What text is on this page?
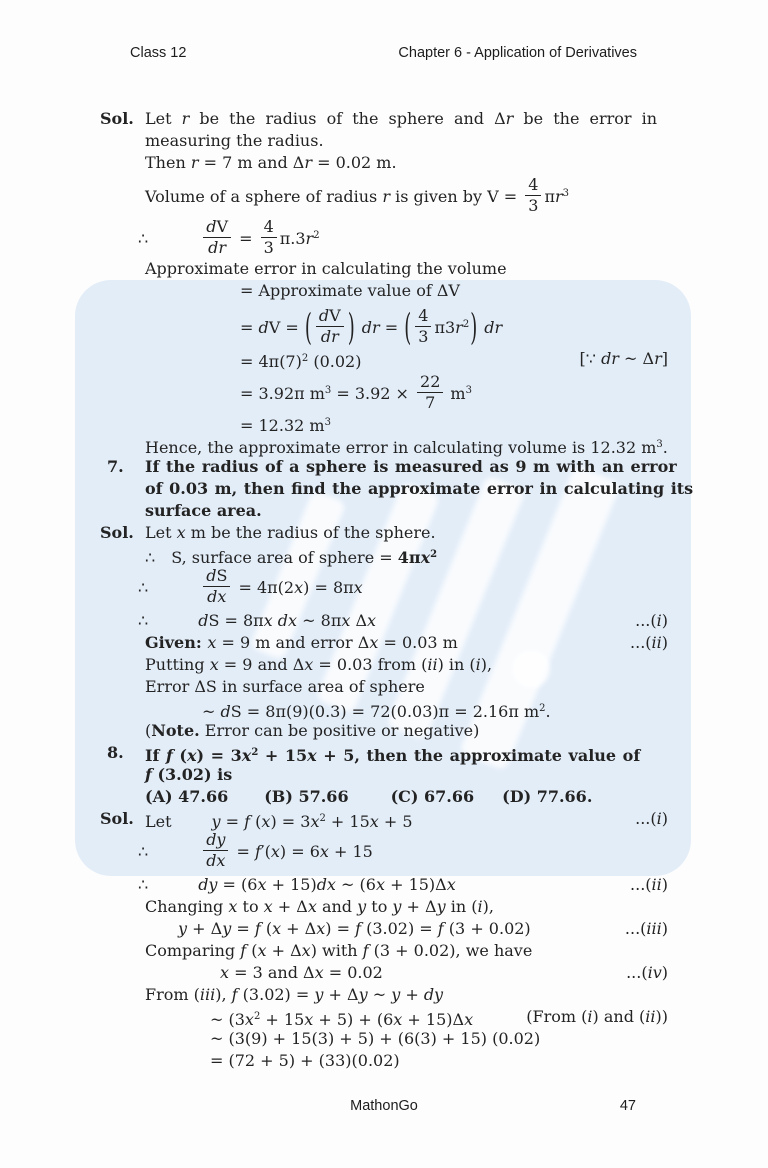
Class 12	Chapter 6 - Application of Derivatives
Sol. Let r be the radius of the sphere and Δr be the error in
measuring the radius.
Then r = 7 m and Δr = 0.02 m.
Volume of a sphere of radius r is given by $V = \frac{4}{3} \pi r^3$
∴	$\frac{dV}{dr} = \frac{4}{3} \pi.3r^2$
Approximate error in calculating the volume
= Approximate value of ΔV
= dV = ( $\frac{dV}{dr}$ ) dr = ( $\frac{4}{3} \pi 3r^2$) dr
= $4\pi(7)^2$ (0.02)	[∵ dr ~ Δr]
= 3.92π $m^3 = 3.92 \times \frac{22}{7} m^3$
= 12.32 $m^3$
Hence, the approximate error in calculating volume is 12.32 $m^3$.
7. If the radius of a sphere is measured as 9 m with an error
of 0.03 m, then find the approximate error in calculating its
surface area.
Sol. Let x m be the radius of the sphere.
∴ S, surface area of sphere = $4\pi x^2$
∴	$\frac{dS}{dx} = 4\pi(2x) = 8\pi x$
∴	dS = 8πx dx ~ 8πx Δx	...(i)
Given: x = 9 m and error Δx = 0.03 m	...(ii)
Putting x = 9 and Δx = 0.03 from (ii) in (i),
Error ΔS in surface area of sphere
~ dS = 8π(9)(0.3) = 72(0.03)π = 2.16π $m^2$.
(Note. Error can be positive or negative)
8. If f $(x) = 3x^2 + 15x + 5$, then the approximate value of
f (3.02) is
(A) 47.66 (B) 57.66	(C) 67.66 (D) 77.66.
Sol. Let	y = f $(x) = 3x^2 + 15x + 5$	...(i)
∴	$\frac{dy}{dx} = f'(x) = 6x + 15$
∴	dy = (6x + 15)dx ~ (6x + 15)Δx	...(ii)
Changing x to x + Δx and y to y + Δy in (i),
y + Δy = f (x + Δx) = f (3.02) = f (3 + 0.02)	...(iii)
Comparing f (x + Δx) with f (3 + 0.02), we have
x = 3 and Δx = 0.02	...(iv)
From (iii), f (3.02) = y + Δy ~ y + dy
~ $(3x^2 + 15x + 5) + (6x + 15)\Delta x$	(From (i) and (ii))
~ (3(9) + 15(3) + 5) + (6(3) + 15) (0.02)
= (72 + 5) + (33)(0.02)
MathonGo	47
